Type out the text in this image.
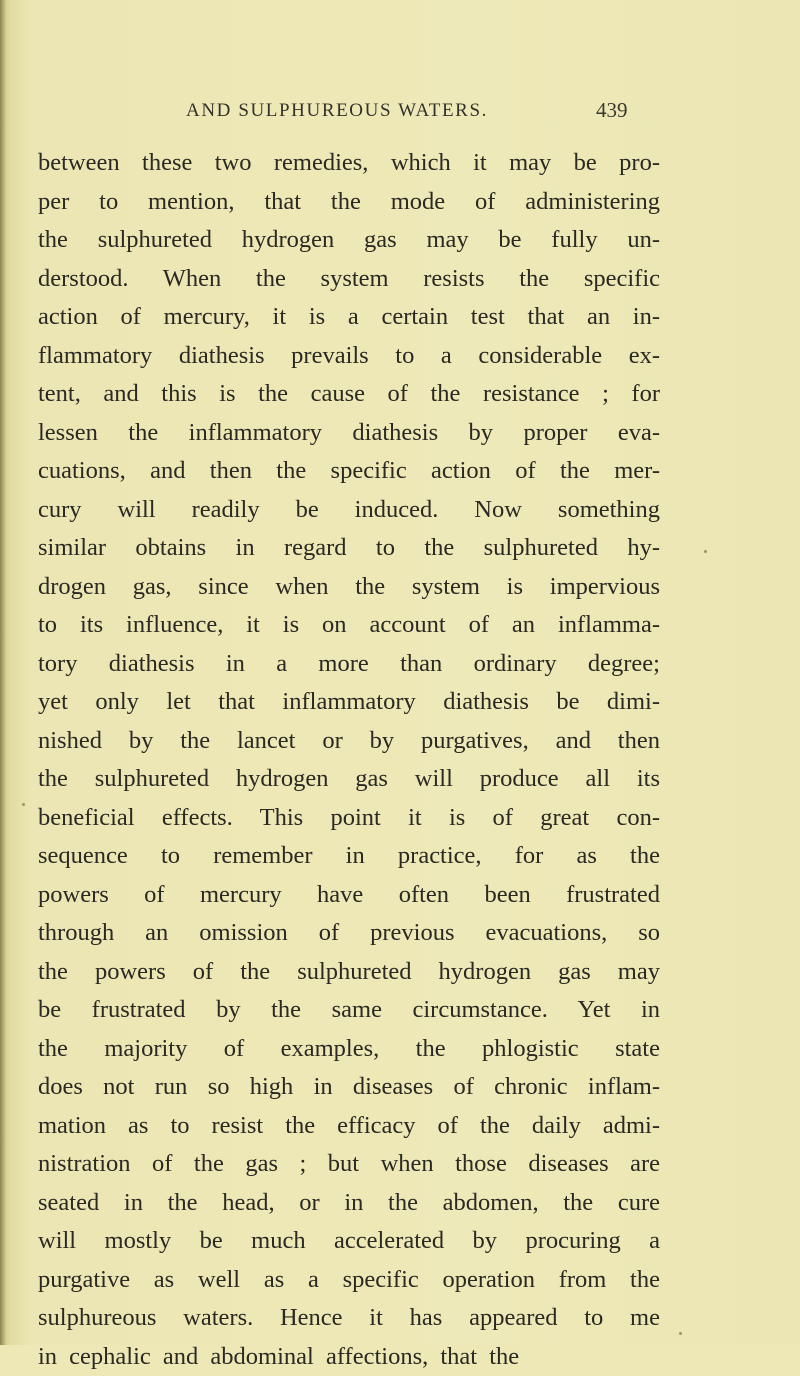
AND SULPHUREOUS WATERS.	439
between these two remedies, which it may be pro-
per to mention, that the mode of administering
the sulphureted hydrogen gas may be fully un-
derstood. When the system resists the specific
action of mercury, it is a certain test that an in-
flammatory diathesis prevails to a considerable ex-
tent, and this is the cause of the resistance ; for
lessen the inflammatory diathesis by proper eva-
cuations, and then the specific action of the mer-
cury will readily be induced. Now something
similar obtains in regard to the sulphureted hy-
drogen gas, since when the system is impervious
to its influence, it is on account of an inflamma-
tory diathesis in a more than ordinary degree;
yet only let that inflammatory diathesis be dimi-
nished by the lancet or by purgatives, and then
the sulphureted hydrogen gas will produce all its
beneficial effects. This point it is of great con-
sequence to remember in practice, for as the
powers of mercury have often been frustrated
through an omission of previous evacuations, so
the powers of the sulphureted hydrogen gas may
be frustrated by the same circumstance. Yet in
the majority of examples, the phlogistic state
does not run so high in diseases of chronic inflam-
mation as to resist the efficacy of the daily admi-
nistration of the gas ; but when those diseases are
seated in the head, or in the abdomen, the cure
will mostly be much accelerated by procuring a
purgative as well as a specific operation from the
sulphureous waters. Hence it has appeared to me
in cephalic and abdominal affections, that the
